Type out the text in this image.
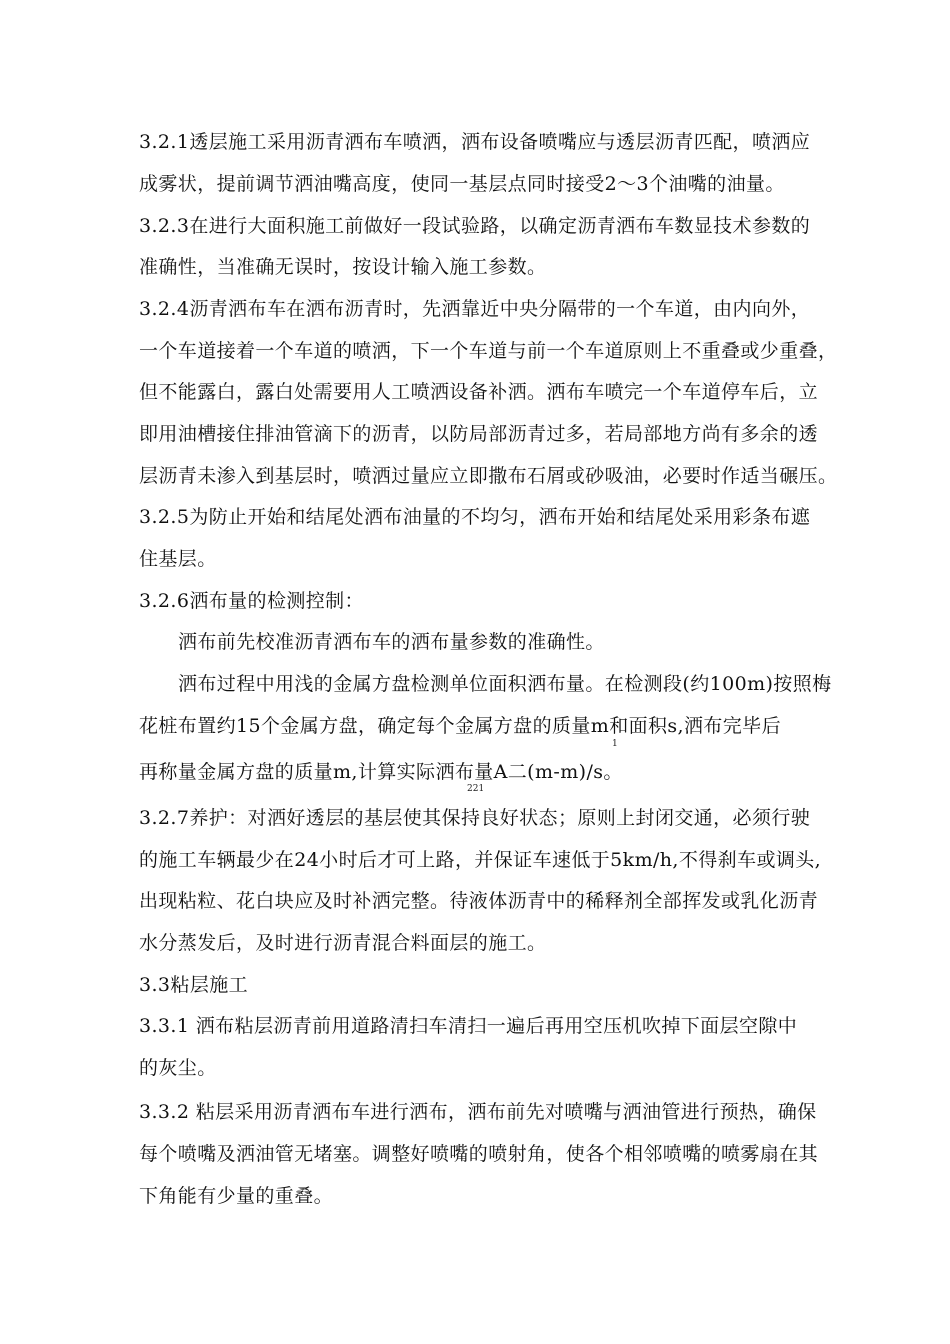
3.2.1透层施工采用沥青洒布车喷洒，洒布设备喷嘴应与透层沥青匹配，喷洒应
成雾状，提前调节洒油嘴高度，使同一基层点同时接受2〜3个油嘴的油量。
3.2.3在进行大面积施工前做好一段试验路，以确定沥青洒布车数显技术参数的
准确性，当准确无误时，按设计输入施工参数。
3.2.4沥青洒布车在洒布沥青时，先洒靠近中央分隔带的一个车道，由内向外，
一个车道接着一个车道的喷洒，下一个车道与前一个车道原则上不重叠或少重叠，
但不能露白，露白处需要用人工喷洒设备补洒。洒布车喷完一个车道停车后，立
即用油槽接住排油管滴下的沥青，以防局部沥青过多，若局部地方尚有多余的透
层沥青未渗入到基层时，喷洒过量应立即撒布石屑或砂吸油，必要时作适当碾压。
3.2.5为防止开始和结尾处洒布油量的不均匀，洒布开始和结尾处采用彩条布遮
住基层。
3.2.6洒布量的检测控制：
洒布前先校准沥青洒布车的洒布量参数的准确性。
洒布过程中用浅的金属方盘检测单位面积洒布量。在检测段(约100m)按照梅
花桩布置约15个金属方盘，确定每个金属方盘的质量m和面积s,洒布完毕后
1
再称量金属方盘的质量m,计算实际洒布量A二(m-m)/s。
221
3.2.7养护：对洒好透层的基层使其保持良好状态；原则上封闭交通，必须行驶
的施工车辆最少在24小时后才可上路，并保证车速低于5km/h,不得刹车或调头,
出现粘粒、花白块应及时补洒完整。待液体沥青中的稀释剂全部挥发或乳化沥青
水分蒸发后，及时进行沥青混合料面层的施工。
3.3粘层施工
3.3.1 洒布粘层沥青前用道路清扫车清扫一遍后再用空压机吹掉下面层空隙中
的灰尘。
3.3.2 粘层采用沥青洒布车进行洒布，洒布前先对喷嘴与洒油管进行预热，确保
每个喷嘴及洒油管无堵塞。调整好喷嘴的喷射角，使各个相邻喷嘴的喷雾扇在其
下角能有少量的重叠。
